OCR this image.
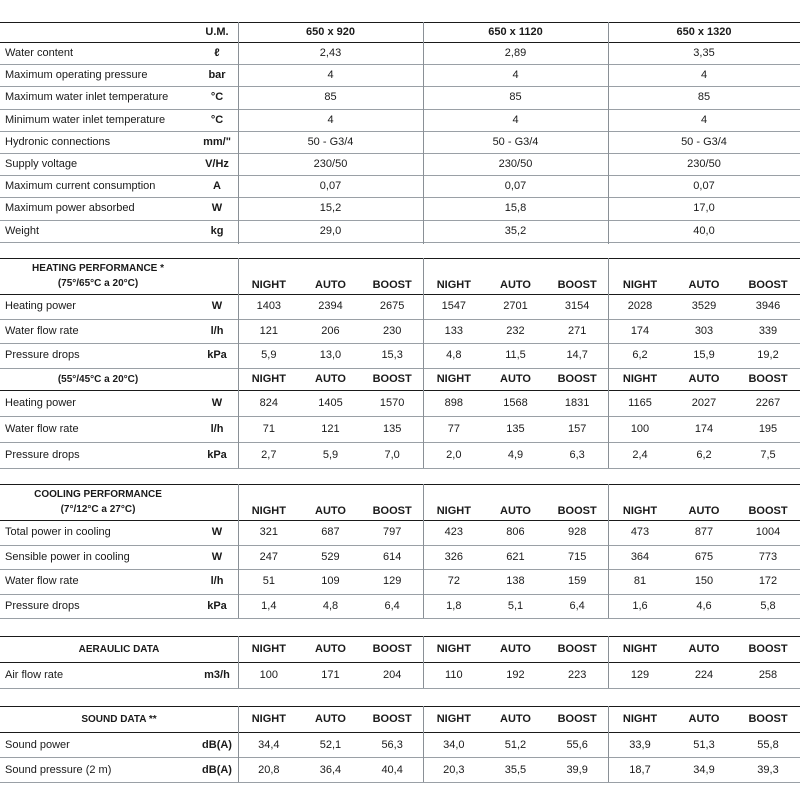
U.M.	650 x 920	650 x 1120	650 x 1320
Water content	ℓ	2,43	2,89	3,35
Maximum operating pressure	bar	4	4	4
Maximum water inlet temperature	°C	85	85	85
Minimum water inlet temperature	°C	4	4	4
Hydronic connections	mm/"	50 - G3/4	50 - G3/4	50 - G3/4
Supply voltage	V/Hz	230/50	230/50	230/50
Maximum current consumption	A	0,07	0,07	0,07
Maximum power absorbed	W	15,2	15,8	17,0
Weight	kg	29,0	35,2	40,0
HEATING PERFORMANCE *
(75°/65°C a 20°C)	NIGHT	AUTO	BOOST	NIGHT	AUTO	BOOST	NIGHT	AUTO	BOOST
Heating power	W	1403	2394	2675	1547	2701	3154	2028	3529	3946
Water flow rate	l/h	121	206	230	133	232	271	174	303	339
Pressure drops	kPa	5,9	13,0	15,3	4,8	11,5	14,7	6,2	15,9	19,2
(55°/45°C a 20°C)	NIGHT	AUTO	BOOST	NIGHT	AUTO	BOOST	NIGHT	AUTO	BOOST
Heating power	W	824	1405	1570	898	1568	1831	1165	2027	2267
Water flow rate	l/h	71	121	135	77	135	157	100	174	195
Pressure drops	kPa	2,7	5,9	7,0	2,0	4,9	6,3	2,4	6,2	7,5
COOLING PERFORMANCE
(7°/12°C a 27°C)	NIGHT	AUTO	BOOST	NIGHT	AUTO	BOOST	NIGHT	AUTO	BOOST
Total power in cooling	W	321	687	797	423	806	928	473	877	1004
Sensible power in cooling	W	247	529	614	326	621	715	364	675	773
Water flow rate	l/h	51	109	129	72	138	159	81	150	172
Pressure drops	kPa	1,4	4,8	6,4	1,8	5,1	6,4	1,6	4,6	5,8
AERAULIC DATA	NIGHT	AUTO	BOOST	NIGHT	AUTO	BOOST	NIGHT	AUTO	BOOST
Air flow rate	m3/h	100	171	204	110	192	223	129	224	258
SOUND DATA **	NIGHT	AUTO	BOOST	NIGHT	AUTO	BOOST	NIGHT	AUTO	BOOST
Sound power	dB(A)	34,4	52,1	56,3	34,0	51,2	55,6	33,9	51,3	55,8
Sound pressure (2 m)	dB(A)	20,8	36,4	40,4	20,3	35,5	39,9	18,7	34,9	39,3
